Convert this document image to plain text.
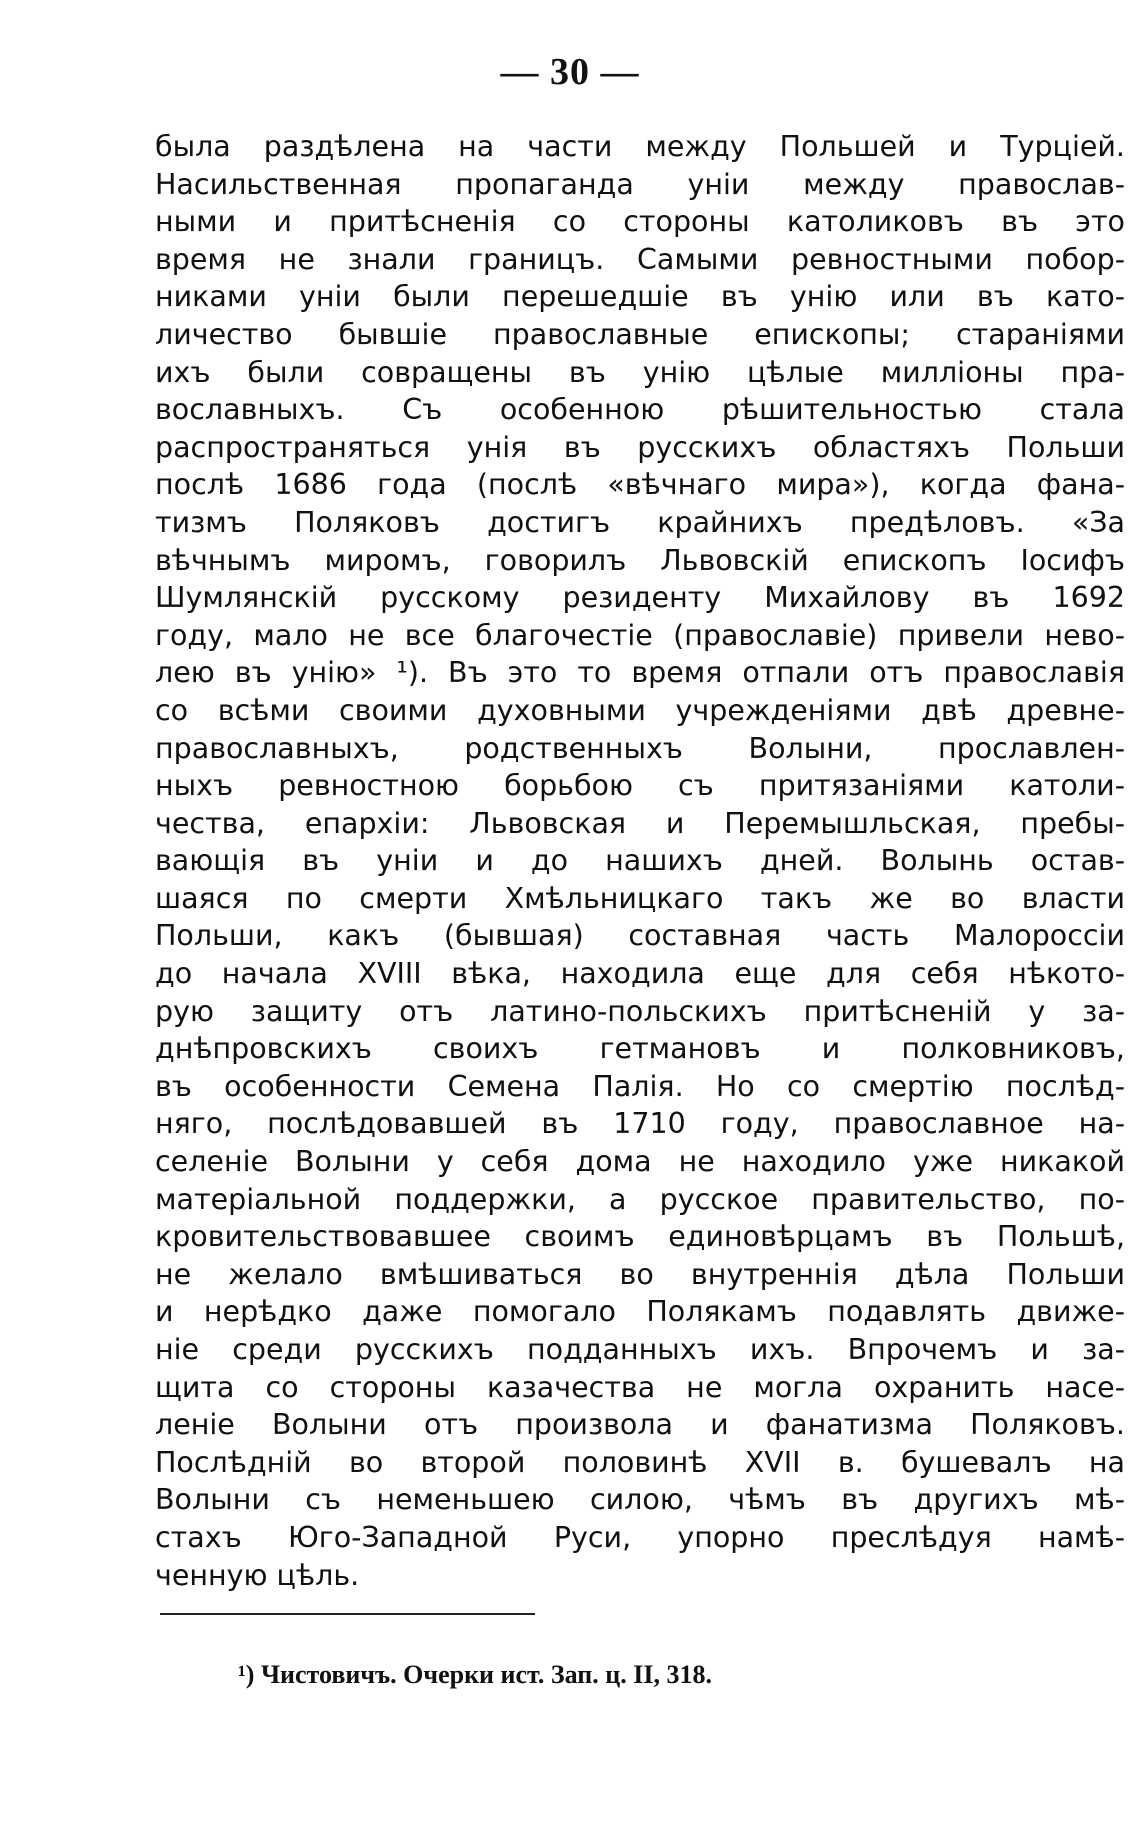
— 30 —
была раздѣлена на части между Польшей и Турціей.
Насильственная пропаганда уніи между православ-
ными и притѣсненія со стороны католиковъ въ это
время не знали границъ. Самыми ревностными побор-
никами уніи были перешедшіе въ унію или въ като-
личество бывшіе православные епископы; стараніями
ихъ были совращены въ унію цѣлые милліоны пра-
вославныхъ. Съ особенною рѣшительностью стала
распространяться унія въ русскихъ областяхъ Польши
послѣ 1686 года (послѣ «вѣчнаго мира»), когда фана-
тизмъ Поляковъ достигъ крайнихъ предѣловъ. «За
вѣчнымъ миромъ, говорилъ Львовскій епископъ Іосифъ
Шумлянскій русскому резиденту Михайлову въ 1692
году, мало не все благочестіе (православіе) привели нево-
лею въ унію» ¹). Въ это то время отпали отъ православія
со всѣми своими духовными учрежденіями двѣ древне-
православныхъ, родственныхъ Волыни, прославлен-
ныхъ ревностною борьбою съ притязаніями католи-
чества, епархіи: Львовская и Перемышльская, пребы-
вающія въ уніи и до нашихъ дней. Волынь остав-
шаяся по смерти Хмѣльницкаго такъ же во власти
Польши, какъ (бывшая) составная часть Малороссіи
до начала XVIII вѣка, находила еще для себя нѣкото-
рую защиту отъ латино-польскихъ притѣсненій у за-
днѣпровскихъ своихъ гетмановъ и полковниковъ,
въ особенности Семена Палія. Но со смертію послѣд-
няго, послѣдовавшей въ 1710 году, православное на-
селеніе Волыни у себя дома не находило уже никакой
матеріальной поддержки, а русское правительство, по-
кровительствовавшее своимъ единовѣрцамъ въ Польшѣ,
не желало вмѣшиваться во внутреннія дѣла Польши
и нерѣдко даже помогало Полякамъ подавлять движе-
ніе среди русскихъ подданныхъ ихъ. Впрочемъ и за-
щита со стороны казачества не могла охранить насе-
леніе Волыни отъ произвола и фанатизма Поляковъ.
Послѣдній во второй половинѣ XVII в. бушевалъ на
Волыни съ неменьшею силою, чѣмъ въ другихъ мѣ-
стахъ Юго-Западной Руси, упорно преслѣдуя намѣ-
ченную цѣль.
¹) Чистовичъ. Очерки ист. Зап. ц. II, 318.
